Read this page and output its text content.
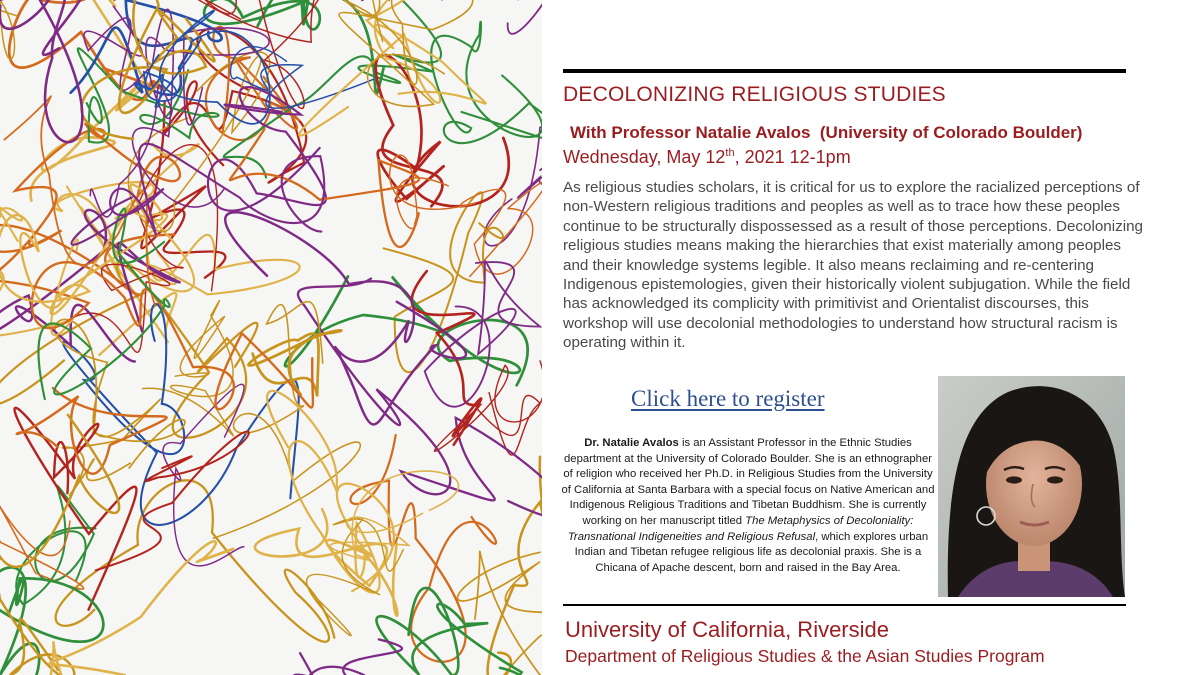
DECOLONIZING RELIGIOUS STUDIES
With Professor Natalie Avalos  (University of Colorado Boulder)
Wednesday, May 12th, 2021 12-1pm
As religious studies scholars, it is critical for us to explore the racialized perceptions of non-Western religious traditions and peoples as well as to trace how these peoples continue to be structurally dispossessed as a result of those perceptions. Decolonizing religious studies means making the hierarchies that exist materially among peoples and their knowledge systems legible. It also means reclaiming and re-centering Indigenous epistemologies, given their historically violent subjugation. While the field has acknowledged its complicity with primitivist and Orientalist discourses, this workshop will use decolonial methodologies to understand how structural racism is operating within it.
Click here to register
Dr. Natalie Avalos is an Assistant Professor in the Ethnic Studies department at the University of Colorado Boulder. She is an ethnographer of religion who received her Ph.D. in Religious Studies from the University of California at Santa Barbara with a special focus on Native American and Indigenous Religious Traditions and Tibetan Buddhism. She is currently working on her manuscript titled The Metaphysics of Decoloniality: Transnational Indigeneities and Religious Refusal, which explores urban Indian and Tibetan refugee religious life as decolonial praxis. She is a Chicana of Apache descent, born and raised in the Bay Area.
University of California, Riverside
Department of Religious Studies & the Asian Studies Program
